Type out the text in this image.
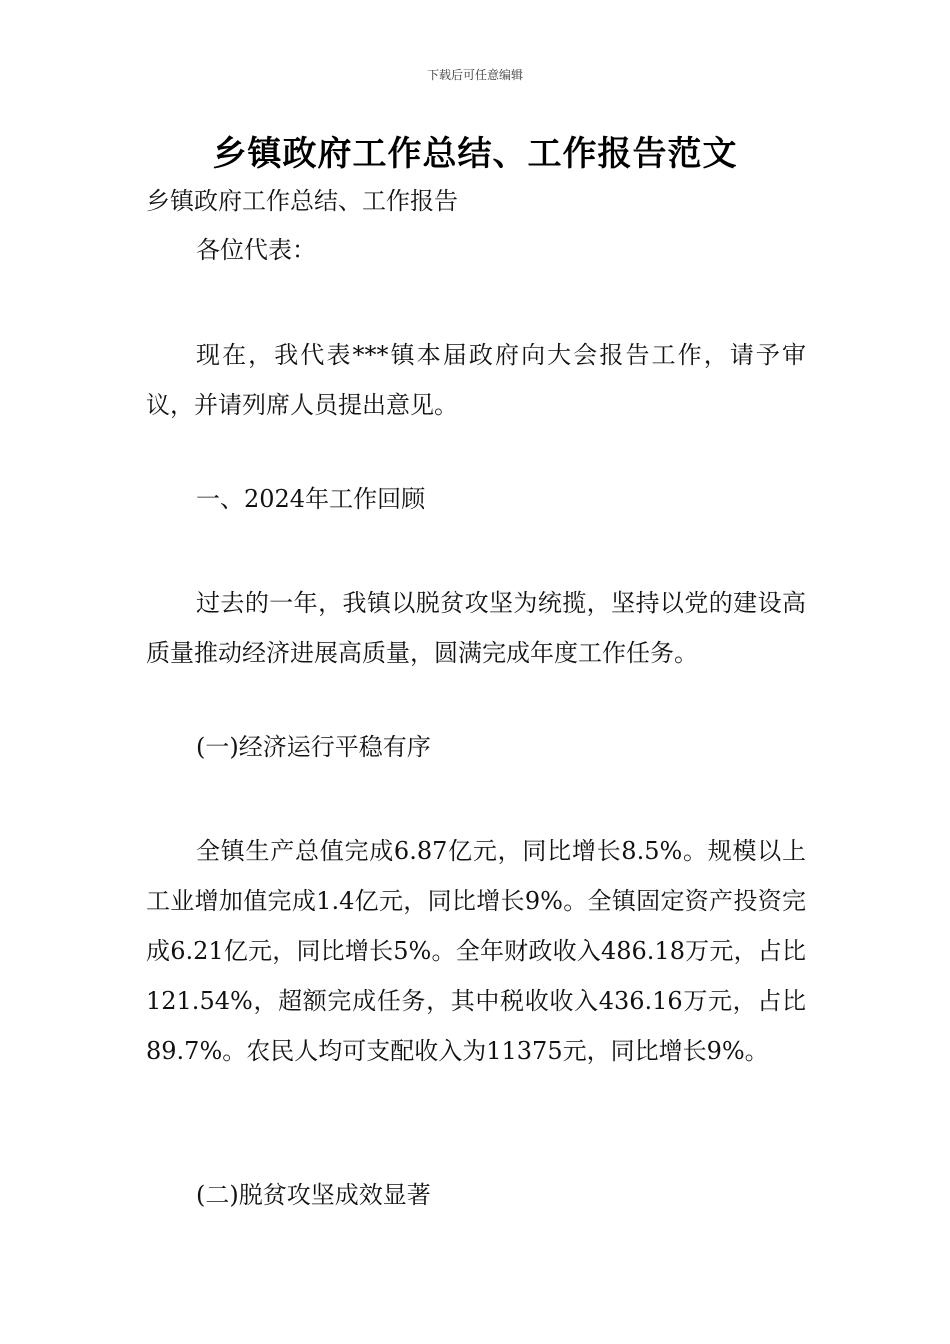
下载后可任意编辑
乡镇政府工作总结、工作报告范文
乡镇政府工作总结、工作报告
各位代表：
现在，我代表***镇本届政府向大会报告工作，请予审议，并请列席人员提出意见。
一、2024年工作回顾
过去的一年，我镇以脱贫攻坚为统揽，坚持以党的建设高质量推动经济进展高质量，圆满完成年度工作任务。
(一)经济运行平稳有序
全镇生产总值完成6.87亿元，同比增长8.5%。规模以上工业增加值完成1.4亿元，同比增长9%。全镇固定资产投资完成6.21亿元，同比增长5%。全年财政收入486.18万元，占比121.54%，超额完成任务，其中税收收入436.16万元，占比89.7%。农民人均可支配收入为11375元，同比增长9%。
(二)脱贫攻坚成效显著
